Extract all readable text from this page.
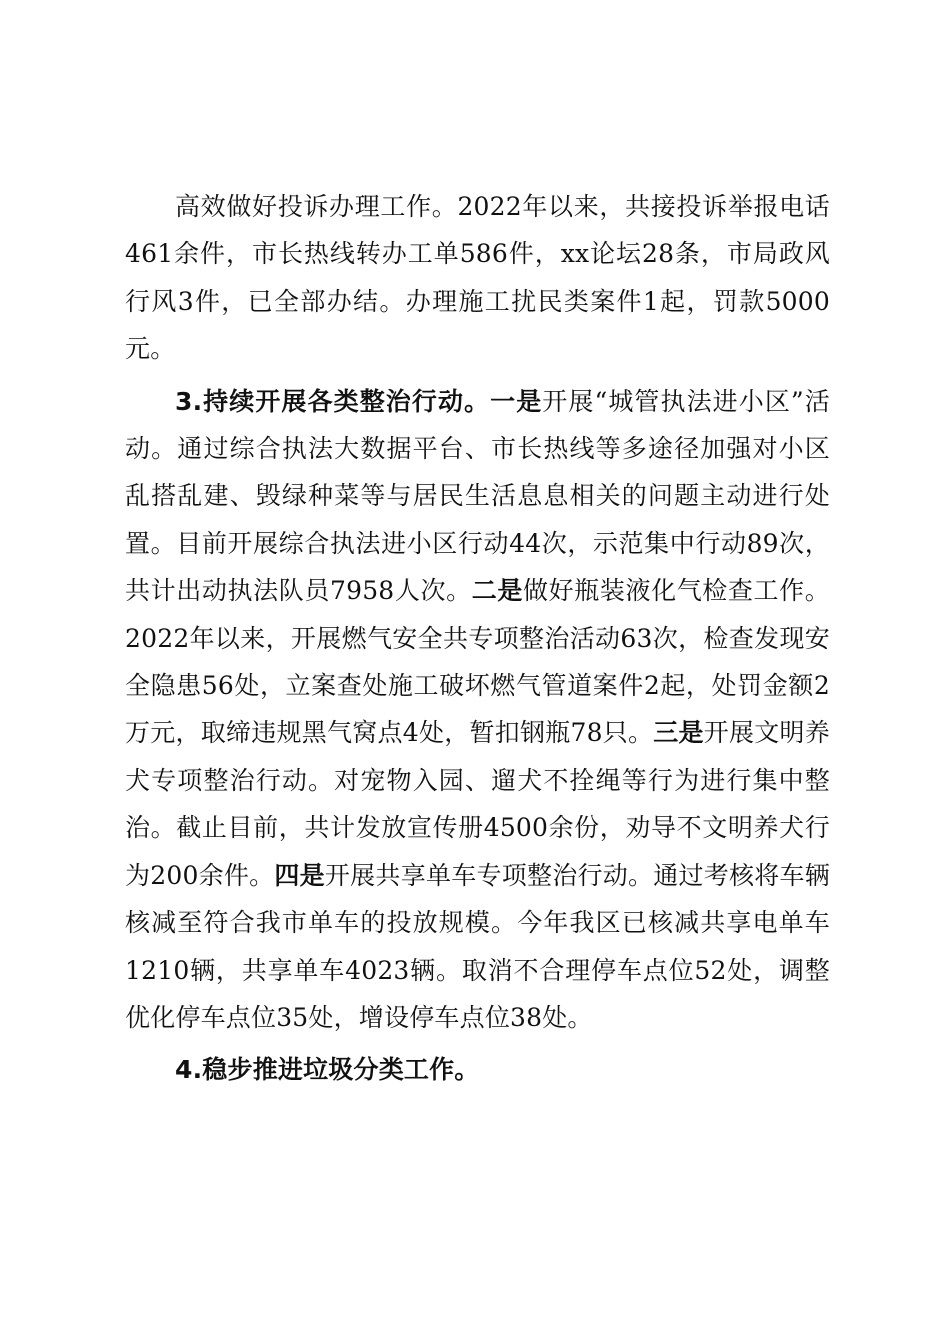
高效做好投诉办理工作。2022年以来，共接投诉举报电话461余件，市长热线转办工单586件，xx论坛28条，市局政风行风3件，已全部办结。办理施工扰民类案件1起，罚款5000元。

3.持续开展各类整治行动。一是开展“城管执法进小区”活动。通过综合执法大数据平台、市长热线等多途径加强对小区乱搭乱建、毁绿种菜等与居民生活息息相关的问题主动进行处置。目前开展综合执法进小区行动44次，示范集中行动89次，共计出动执法队员7958人次。二是做好瓶装液化气检查工作。2022年以来，开展燃气安全共专项整治活动63次，检查发现安全隐患56处，立案查处施工破坏燃气管道案件2起，处罚金额2万元，取缔违规黑气窝点4处，暂扣钢瓶78只。三是开展文明养犬专项整治行动。对宠物入园、遛犬不拴绳等行为进行集中整治。截止目前，共计发放宣传册4500余份，劝导不文明养犬行为200余件。四是开展共享单车专项整治行动。通过考核将车辆核减至符合我市单车的投放规模。今年我区已核减共享电单车1210辆，共享单车4023辆。取消不合理停车点位52处，调整优化停车点位35处，增设停车点位38处。

4.稳步推进垃圾分类工作。
